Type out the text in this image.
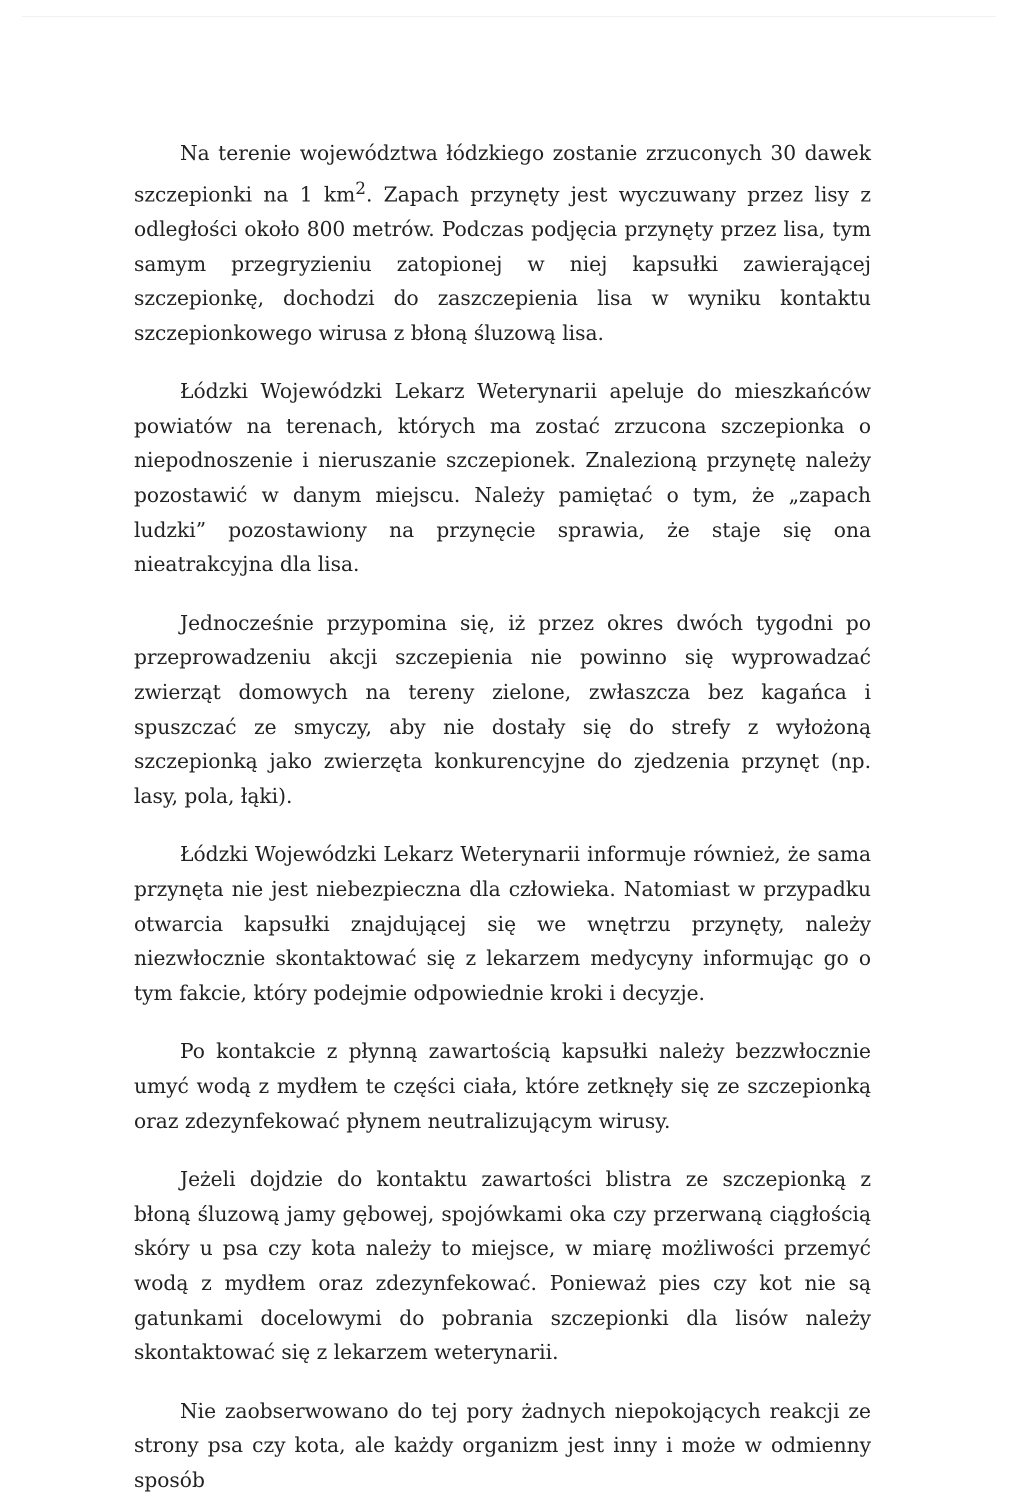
Na terenie województwa łódzkiego zostanie zrzuconych 30 dawek szczepionki na 1 $km^2$. Zapach przynęty jest wyczuwany przez lisy z odległości około 800 metrów. Podczas podjęcia przynęty przez lisa, tym samym przegryzieniu zatopionej w niej kapsułki zawierającej szczepionkę, dochodzi do zaszczepienia lisa w wyniku kontaktu szczepionkowego wirusa z błoną śluzową lisa.

Łódzki Wojewódzki Lekarz Weterynarii apeluje do mieszkańców powiatów na terenach, których ma zostać zrzucona szczepionka o niepodnoszenie i nieruszanie szczepionek. Znalezioną przynętę należy pozostawić w danym miejscu. Należy pamiętać o tym, że „zapach ludzki” pozostawiony na przynęcie sprawia, że staje się ona nieatrakcyjna dla lisa.

Jednocześnie przypomina się, iż przez okres dwóch tygodni po przeprowadzeniu akcji szczepienia nie powinno się wyprowadzać zwierząt domowych na tereny zielone, zwłaszcza bez kagańca i spuszczać ze smyczy, aby nie dostały się do strefy z wyłożoną szczepionką jako zwierzęta konkurencyjne do zjedzenia przynęt (np. lasy, pola, łąki).

Łódzki Wojewódzki Lekarz Weterynarii informuje również, że sama przynęta nie jest niebezpieczna dla człowieka. Natomiast w przypadku otwarcia kapsułki znajdującej się we wnętrzu przynęty, należy niezwłocznie skontaktować się z lekarzem medycyny informując go o tym fakcie, który podejmie odpowiednie kroki i decyzje.

Po kontakcie z płynną zawartością kapsułki należy bezzwłocznie umyć wodą z mydłem te części ciała, które zetknęły się ze szczepionką oraz zdezynfekować płynem neutralizującym wirusy.

Jeżeli dojdzie do kontaktu zawartości blistra ze szczepionką z błoną śluzową jamy gębowej, spojówkami oka czy przerwaną ciągłością skóry u psa czy kota należy to miejsce, w miarę możliwości przemyć wodą z mydłem oraz zdezynfekować. Ponieważ pies czy kot nie są gatunkami docelowymi do pobrania szczepionki dla lisów należy skontaktować się z lekarzem weterynarii.

Nie zaobserwowano do tej pory żadnych niepokojących reakcji ze strony psa czy kota, ale każdy organizm jest inny i może w odmienny sposób
